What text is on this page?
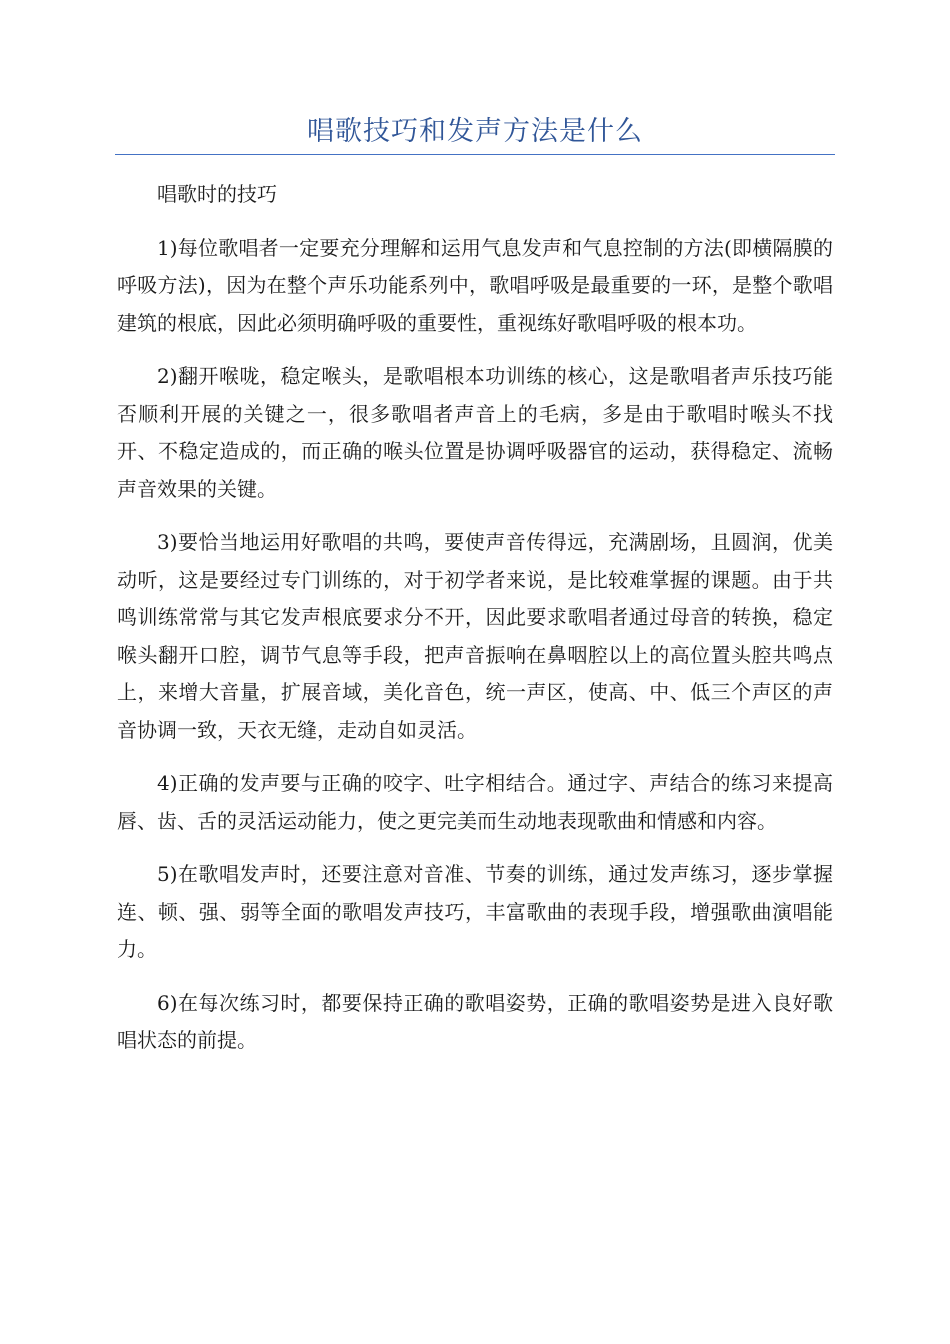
唱歌技巧和发声方法是什么

唱歌时的技巧

1)每位歌唱者一定要充分理解和运用气息发声和气息控制的方法(即横隔膜的呼吸方法)，因为在整个声乐功能系列中，歌唱呼吸是最重要的一环，是整个歌唱建筑的根底，因此必须明确呼吸的重要性，重视练好歌唱呼吸的根本功。

2)翻开喉咙，稳定喉头，是歌唱根本功训练的核心，这是歌唱者声乐技巧能否顺利开展的关键之一，很多歌唱者声音上的毛病，多是由于歌唱时喉头不找开、不稳定造成的，而正确的喉头位置是协调呼吸器官的运动，获得稳定、流畅声音效果的关键。

3)要恰当地运用好歌唱的共鸣，要使声音传得远，充满剧场，且圆润，优美动听，这是要经过专门训练的，对于初学者来说，是比较难掌握的课题。由于共鸣训练常常与其它发声根底要求分不开，因此要求歌唱者通过母音的转换，稳定喉头翻开口腔，调节气息等手段，把声音振响在鼻咽腔以上的高位置头腔共鸣点上，来增大音量，扩展音域，美化音色，统一声区，使高、中、低三个声区的声音协调一致，天衣无缝，走动自如灵活。

4)正确的发声要与正确的咬字、吐字相结合。通过字、声结合的练习来提高唇、齿、舌的灵活运动能力，使之更完美而生动地表现歌曲和情感和内容。

5)在歌唱发声时，还要注意对音准、节奏的训练，通过发声练习，逐步掌握连、顿、强、弱等全面的歌唱发声技巧，丰富歌曲的表现手段，增强歌曲演唱能力。

6)在每次练习时，都要保持正确的歌唱姿势，正确的歌唱姿势是进入良好歌唱状态的前提。
